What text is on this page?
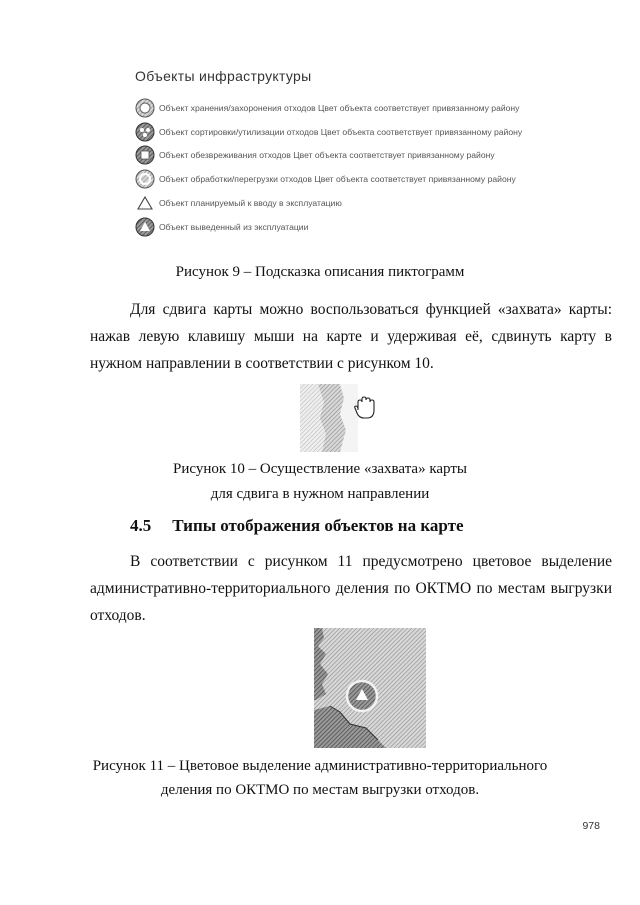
Объекты инфраструктуры
Объект хранения/захоронения отходов Цвет объекта соответствует привязанному району
Объект сортировки/утилизации отходов Цвет объекта соответствует привязанному району
Объект обезвреживания отходов Цвет объекта соответствует привязанному району
Объект обработки/перегрузки отходов Цвет объекта соответствует привязанному району
Объект планируемый к вводу в эксплуатацию
Объект выведенный из эксплуатации
Рисунок 9 – Подсказка описания пиктограмм
Для сдвига карты можно воспользоваться функцией «захвата» карты: нажав левую клавишу мыши на карте и удерживая её, сдвинуть карту в нужном направлении в соответствии с рисунком 10.
Рисунок 10 – Осуществление «захвата» карты
для сдвига в нужном направлении
4.5 Типы отображения объектов на карте
В соответствии с рисунком 11 предусмотрено цветовое выделение административно-территориального деления по ОКТМО по местам выгрузки отходов.
Рисунок 11 – Цветовое выделение административно-территориального
деления по ОКТМО по местам выгрузки отходов.
978
